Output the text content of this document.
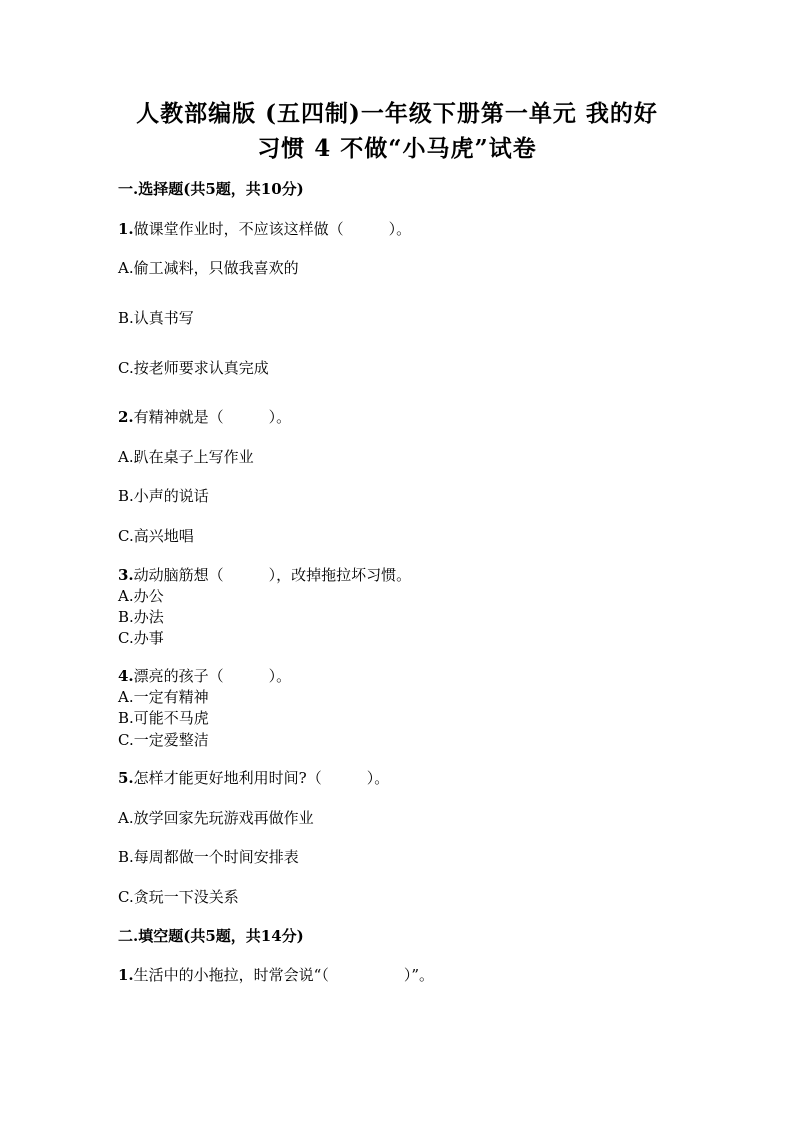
人教部编版 (五四制)一年级下册第一单元 我的好
习惯 4 不做“小马虎”试卷
一.选择题(共5题，共10分)
1.做课堂作业时，不应该这样做（　　　）。
A.偷工减料，只做我喜欢的
B.认真书写
C.按老师要求认真完成
2.有精神就是（　　　）。
A.趴在桌子上写作业
B.小声的说话
C.高兴地唱
3.动动脑筋想（　　　），改掉拖拉坏习惯。
A.办公
B.办法
C.办事
4.漂亮的孩子（　　　）。
A.一定有精神
B.可能不马虎
C.一定爱整洁
5.怎样才能更好地利用时间?（　　　）。
A.放学回家先玩游戏再做作业
B.每周都做一个时间安排表
C.贪玩一下没关系
二.填空题(共5题，共14分)
1.生活中的小拖拉，时常会说“（　　　　　）”。
